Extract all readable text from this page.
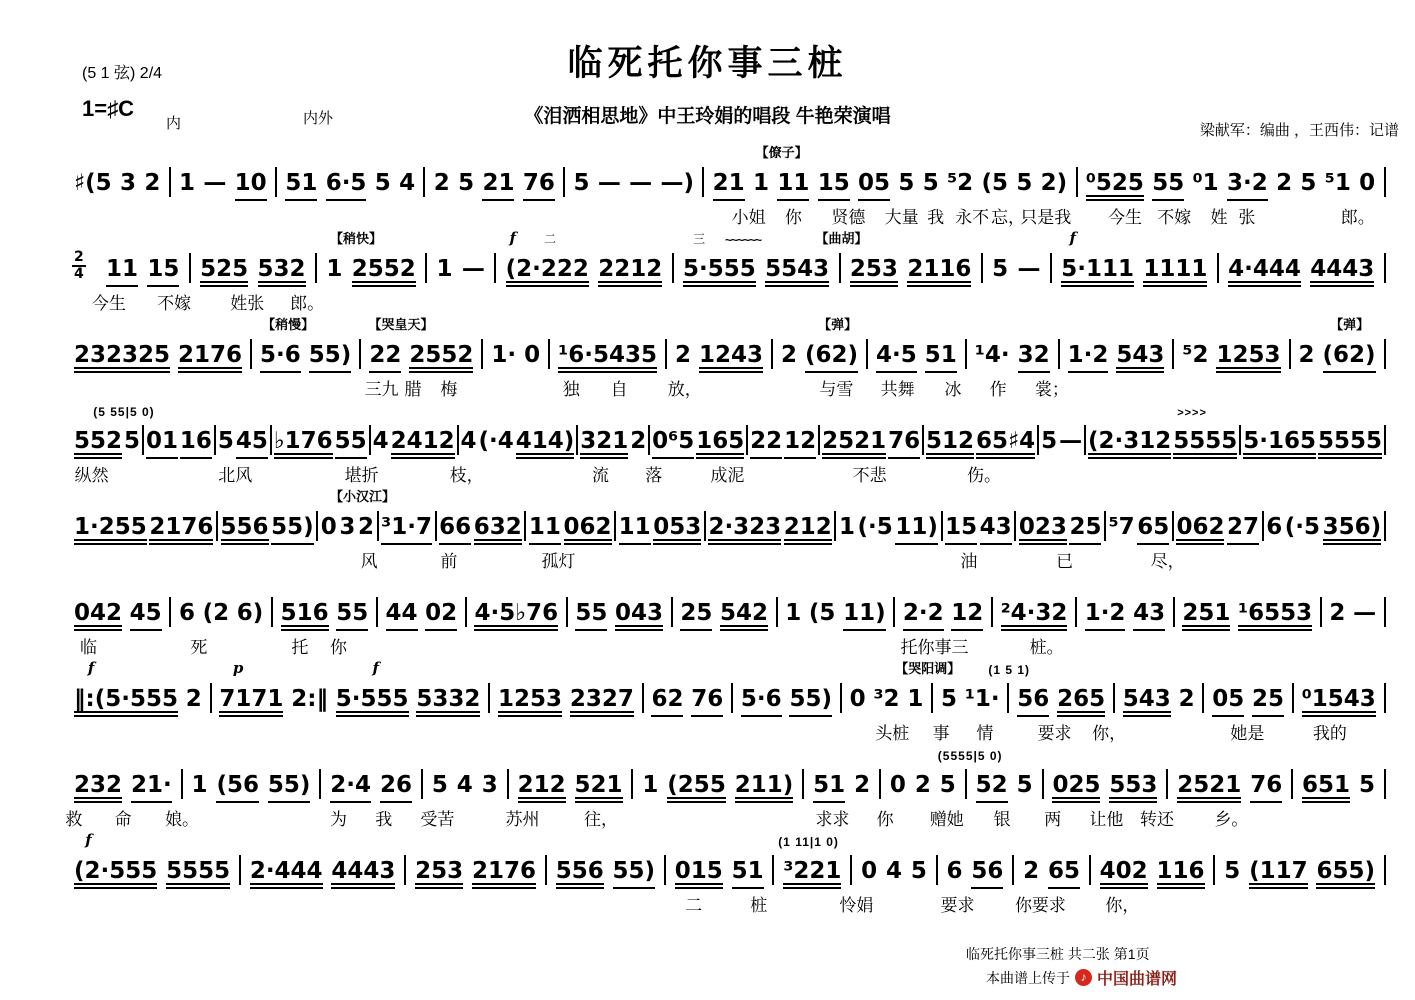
(5 1 弦) 2/4
1=♯C
内	内外
临死托你事三桩
《泪洒相思地》中王玲娟的唱段 牛艳荣演唱
梁献军：编曲 ，王西伟：记谱
【僚子】
♯(5 3 2 1 — 10 51 6·5 5 4 2 5 21 76 5 — — —) 21 1 11 15 05 5 5 ⁵2 (5 5 2) ⁰525 55 ⁰1 3·2 2 5 ⁵1 0
小姐 你 贤德 大量 我 永不 忘，
只是我 今生 不嫁 姓 张	郎。
【稍快】	f 二	三 ~~~~~~	【曲胡】	f
$\frac{2}{4} 11$ 15 525 532 1 2552 1 — (2·222 2212 5·555 5543 253 2116 5 — 5·111 1111 4·444 4443
今生 不嫁 姓张 郎。
【稍慢】	【哭皇天】	【弹】	【弹】
232325 2176 5·6 55) 22 2552 1· 0 ¹6·5435 2 1243 2 (62) 4·5 51 ¹4· 32 1·2 543 ⁵2 1253 2 (62)
三九 腊 梅	独 自 放，	与雪 共舞 冰 作 裳；
(5 55|5 0)	>>>>
552 5 01 16 5 45 ♭176 55 4 2412 4 (·4 414) 321 2 0⁶5 165 22 12 2521 76 512 65♯4 5 — (2·312 5555 5·165 5555
纵然	北风	堪折	枝，	流 落	成泥	不悲	伤。
【小汉江】
1·255 2176 556 55) 0 3 2 ³1·7 66 632 11 062 11 053 2·323 212 1 (·5 11) 15 43 023 25 ⁵7 65 062 27 6 (·5 356)
风	前	孤灯	油	已	尽，
042 45 6 (2 6) 516 55 44 02 4·5♭76 55 043 25 542 1 (5 11) 2·2 12 ²4·32 1·2 43 251 ¹6553 2 —
临	死	托 你	托你事三	桩。
f	p	f	【哭阳调】 (1 5 1)
‖:(5·555 2 7171 2:‖ 5·555 5332 1253 2327 62 76 5·6 55) 0 ³2 1 5 ¹1· 56 265 543 2 05 25 ⁰1543
头桩 事 情	要求 你，	她是	我的
(5555|5 0)
232 21· 1 (56 55) 2·4 26 5 4 3 212 521 1 (255 211) 51 2 0 2 5 52 5 025 553 2521 76 651 5
救 命 娘。	为 我 受苦	苏州	往，	求求 你 赠她 银 两 让他 转还 乡。
f	(1 11|1 0)
(2·555 5555 2·444 4443 253 2176 556 55) 015 51 ³221 0 4 5 6 56 2 65 402 116 5 (117 655)
二	桩	怜娟	要求 你要求 你，
临死托你事三桩 共二张 第1页
本曲谱上传于 ♪ 中国曲谱网
